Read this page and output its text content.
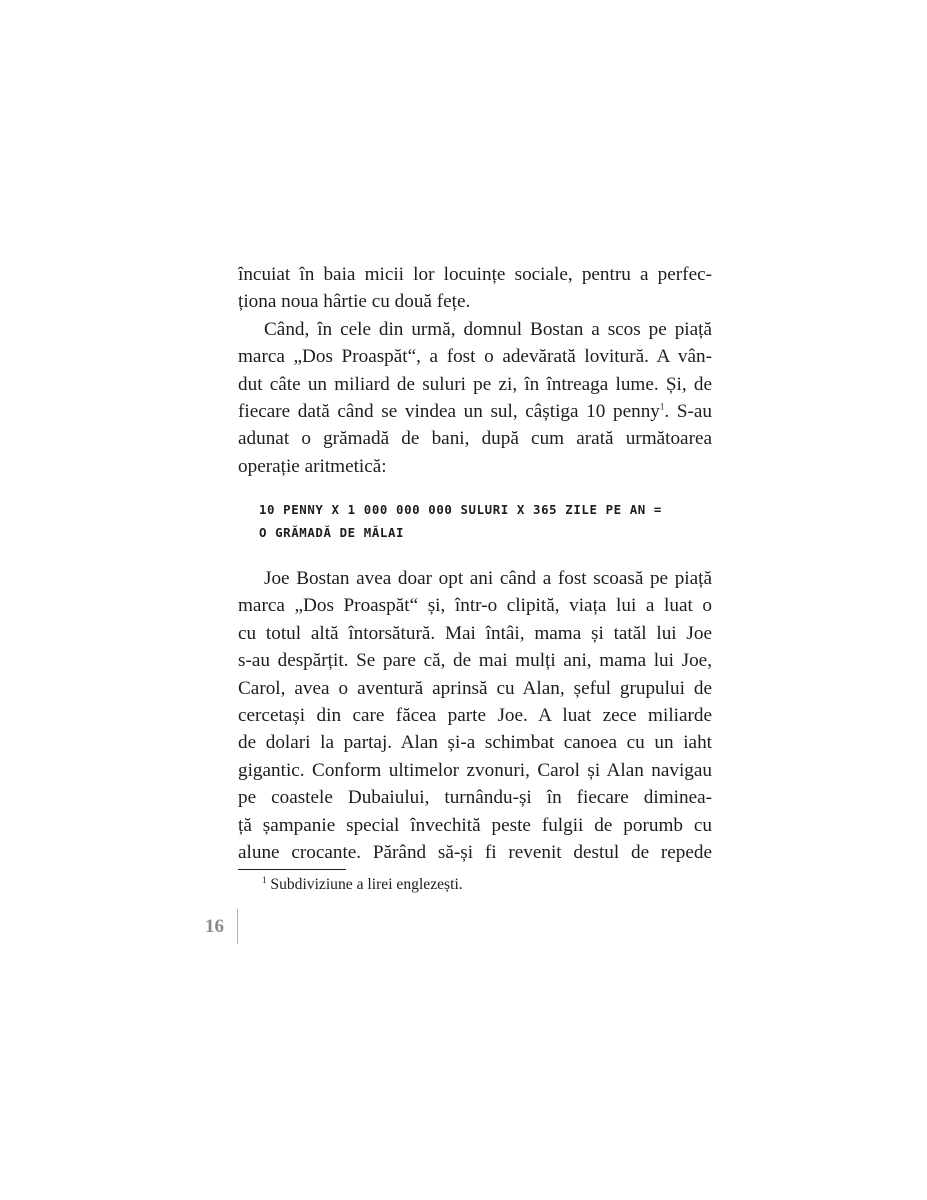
încuiat în baia micii lor locuințe sociale, pentru a perfec-
ționa noua hârtie cu două fețe.
Când, în cele din urmă, domnul Bostan a scos pe piață
marca „Dos Proaspăt“, a fost o adevărată lovitură. A vân-
dut câte un miliard de suluri pe zi, în întreaga lume. Și, de
fiecare dată când se vindea un sul, câștiga 10 penny$^1$. S-au
adunat o grămadă de bani, după cum arată următoarea
operație aritmetică:
10 PENNY X 1 000 000 000 SULURI X 365 ZILE PE AN =
O GRĂMADĂ DE MĂLAI
Joe Bostan avea doar opt ani când a fost scoasă pe piață
marca „Dos Proaspăt“ și, într-o clipită, viața lui a luat o
cu totul altă întorsătură. Mai întâi, mama și tatăl lui Joe
s-au despărțit. Se pare că, de mai mulți ani, mama lui Joe,
Carol, avea o aventură aprinsă cu Alan, șeful grupului de
cercetași din care făcea parte Joe. A luat zece miliarde
de dolari la partaj. Alan și-a schimbat canoea cu un iaht
gigantic. Conform ultimelor zvonuri, Carol și Alan navigau
pe coastele Dubaiului, turnându-și în fiecare diminea-
ță șampanie special învechită peste fulgii de porumb cu
alune crocante. Părând să-și fi revenit destul de repede
$^1$ Subdiviziune a lirei englezești.
16
